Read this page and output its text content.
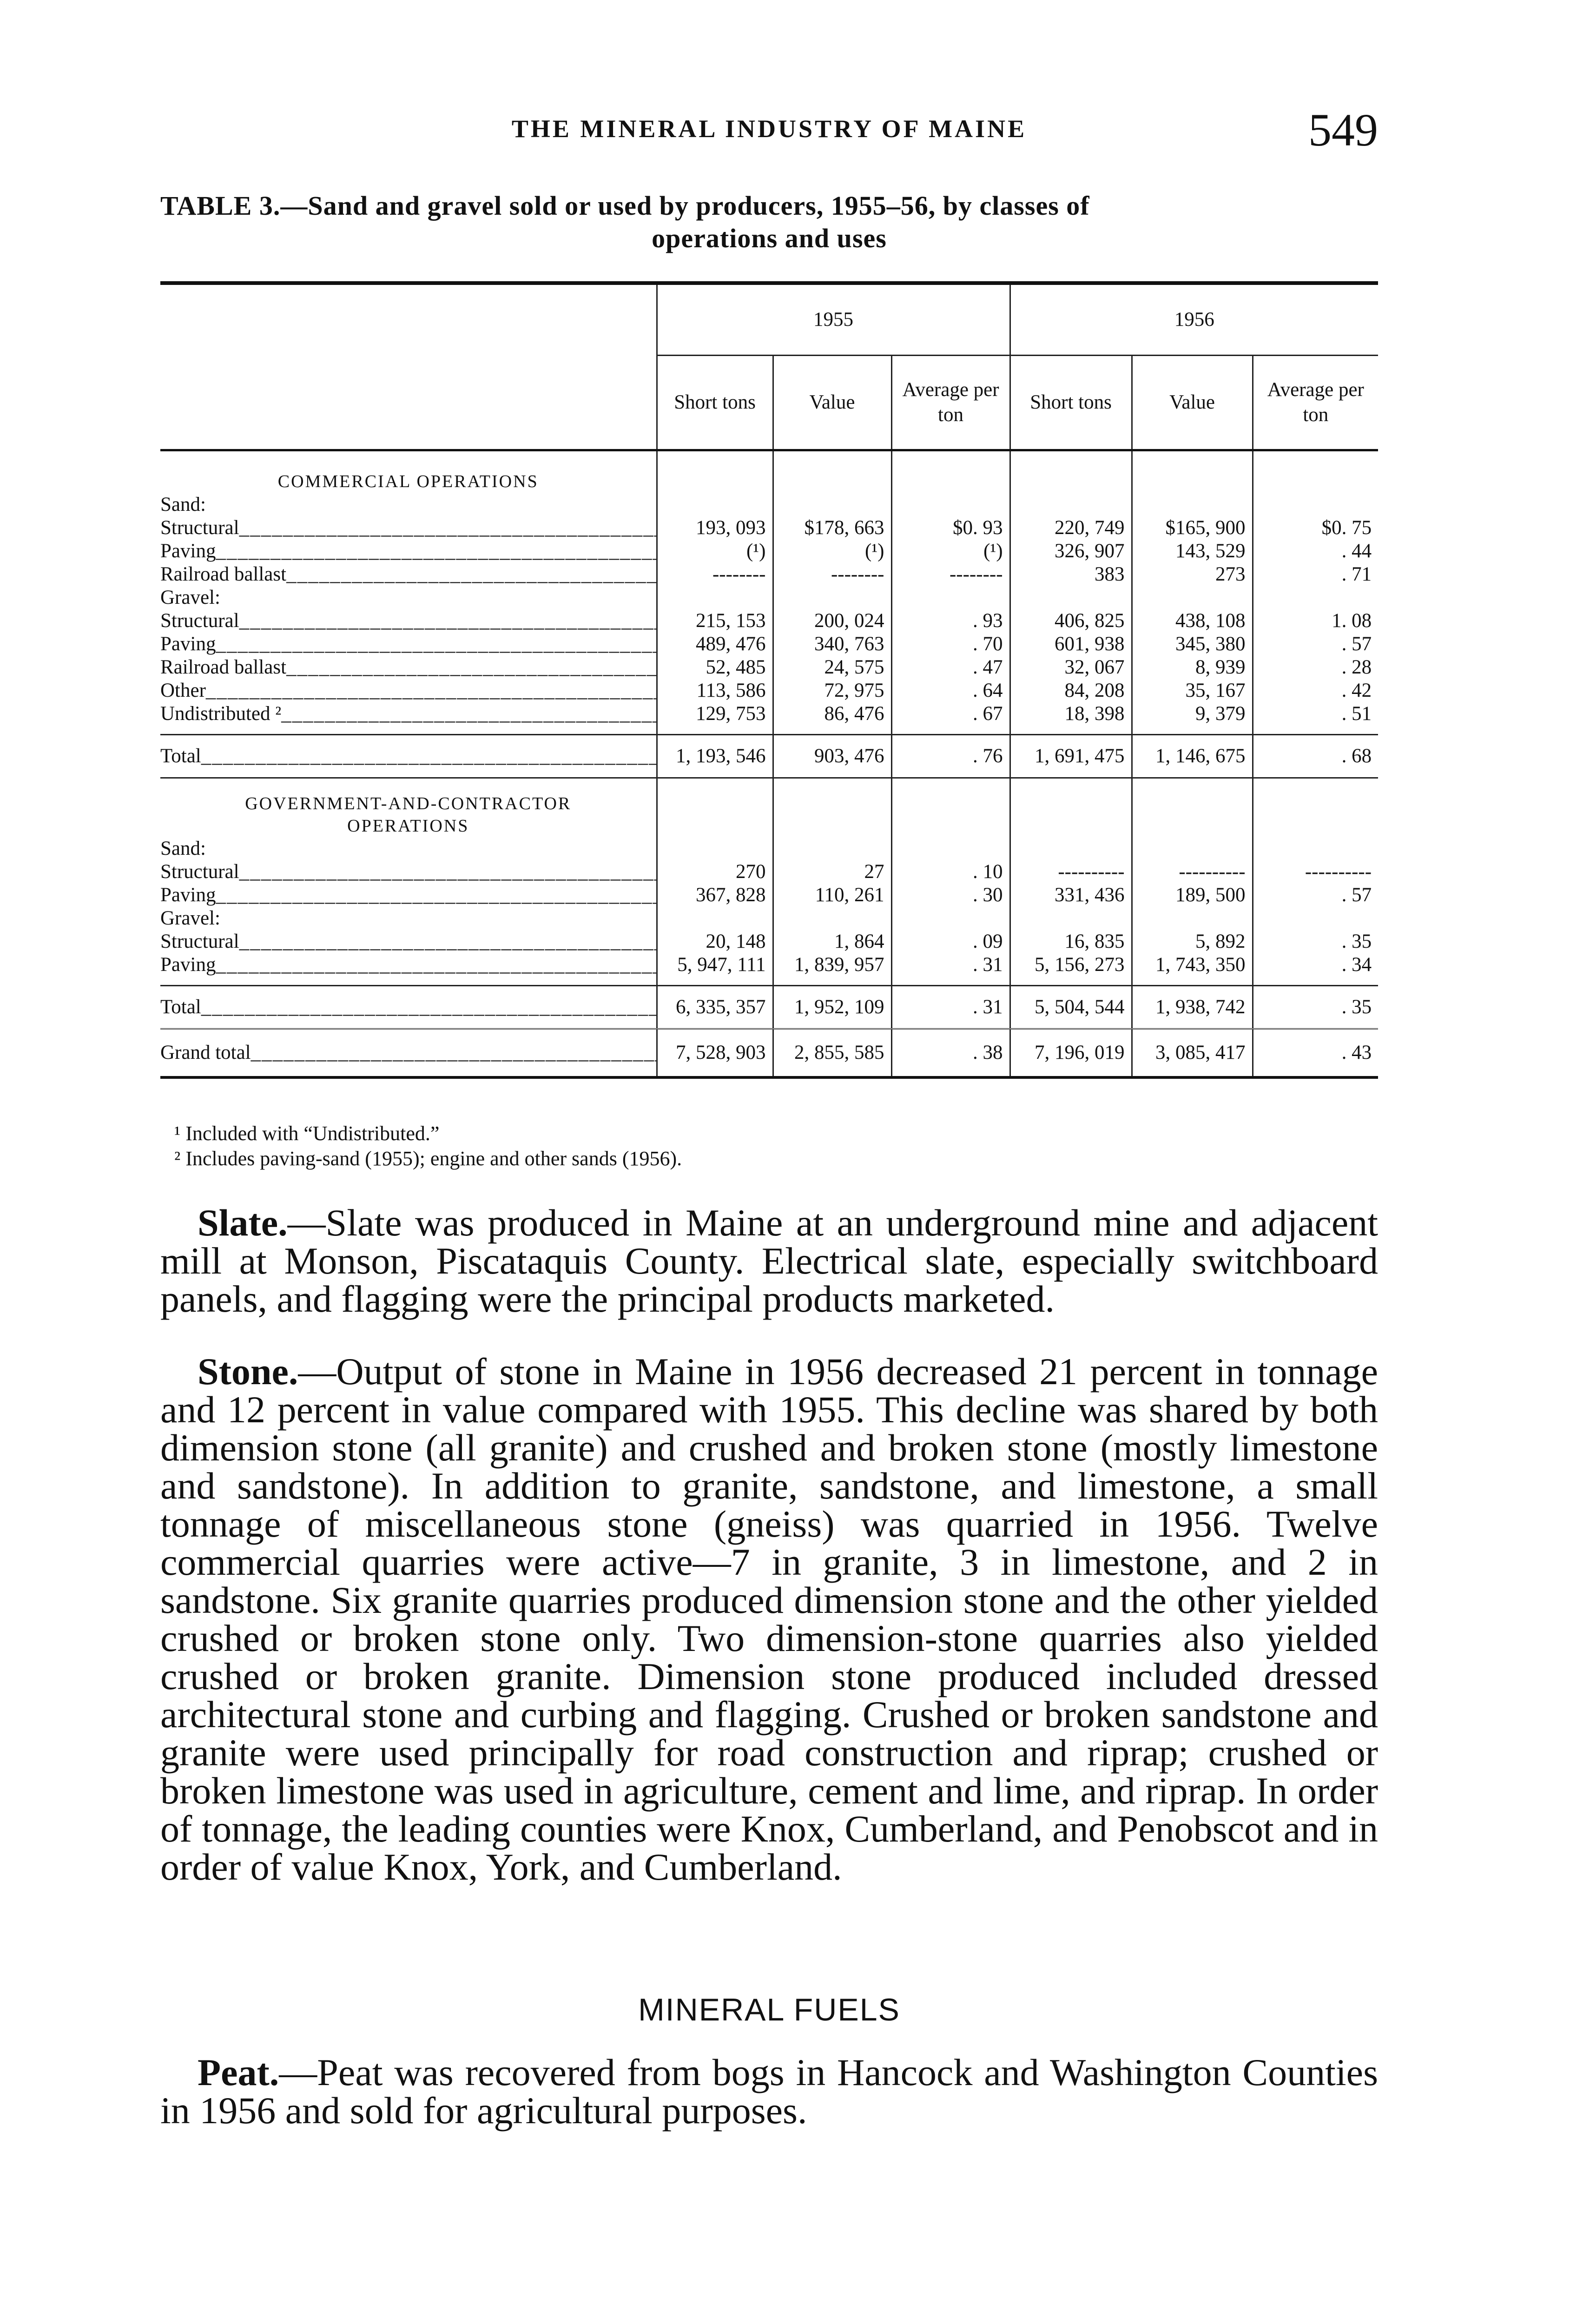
THE MINERAL INDUSTRY OF MAINE	549
TABLE 3.—Sand and gravel sold or used by producers, 1955–56, by classes of
operations and uses
	1955			1956		
	Short tons	Value	Average per ton	Short tons	Value	Average per ton
COMMERCIAL OPERATIONS						
Sand:						
Structural _____	193, 093	$178, 663	$0. 93	220, 749	$165, 900	$0. 75
Paving _____	(¹)	(¹)	(¹)	326, 907	143, 529	. 44
Railroad ballast _____	--------	--------	--------	383	273	. 71
Gravel:						
Structural _____	215, 153	200, 024	. 93	406, 825	438, 108	1. 08
Paving _____	489, 476	340, 763	. 70	601, 938	345, 380	. 57
Railroad ballast _____	52, 485	24, 575	. 47	32, 067	8, 939	. 28
Other _____	113, 586	72, 975	. 64	84, 208	35, 167	. 42
Undistributed ² _____	129, 753	86, 476	. 67	18, 398	9, 379	. 51

Total _____	1, 193, 546	903, 476	. 76	1, 691, 475	1, 146, 675	. 68
GOVERNMENT-AND-CONTRACTOR
OPERATIONS						
Sand:						
Structural _____	270	27	. 10	----------	----------	----------
Paving _____	367, 828	110, 261	. 30	331, 436	189, 500	. 57
Gravel:						
Structural _____	20, 148	1, 864	. 09	16, 835	5, 892	. 35
Paving _____	5, 947, 111	1, 839, 957	. 31	5, 156, 273	1, 743, 350	. 34

Total _____	6, 335, 357	1, 952, 109	. 31	5, 504, 544	1, 938, 742	. 35
Grand total _____	7, 528, 903	2, 855, 585	. 38	7, 196, 019	3, 085, 417	. 43
¹ Included with “Undistributed.”
² Includes paving-sand (1955); engine and other sands (1956).

Slate.—Slate was produced in Maine at an underground mine and adjacent mill at Monson, Piscataquis County. Electrical slate, especially switchboard panels, and flagging were the principal products marketed.

Stone.—Output of stone in Maine in 1956 decreased 21 percent in tonnage and 12 percent in value compared with 1955. This decline was shared by both dimension stone (all granite) and crushed and broken stone (mostly limestone and sandstone). In addition to granite, sandstone, and limestone, a small tonnage of miscellaneous stone (gneiss) was quarried in 1956. Twelve commercial quarries were active—7 in granite, 3 in limestone, and 2 in sandstone. Six granite quarries produced dimension stone and the other yielded crushed or broken stone only. Two dimension-stone quarries also yielded crushed or broken granite. Dimension stone produced included dressed architectural stone and curbing and flagging. Crushed or broken sandstone and granite were used principally for road construction and riprap; crushed or broken limestone was used in agriculture, cement and lime, and riprap. In order of tonnage, the leading counties were Knox, Cumberland, and Penobscot and in order of value Knox, York, and Cumberland.

MINERAL FUELS

Peat.—Peat was recovered from bogs in Hancock and Washington Counties in 1956 and sold for agricultural purposes.
